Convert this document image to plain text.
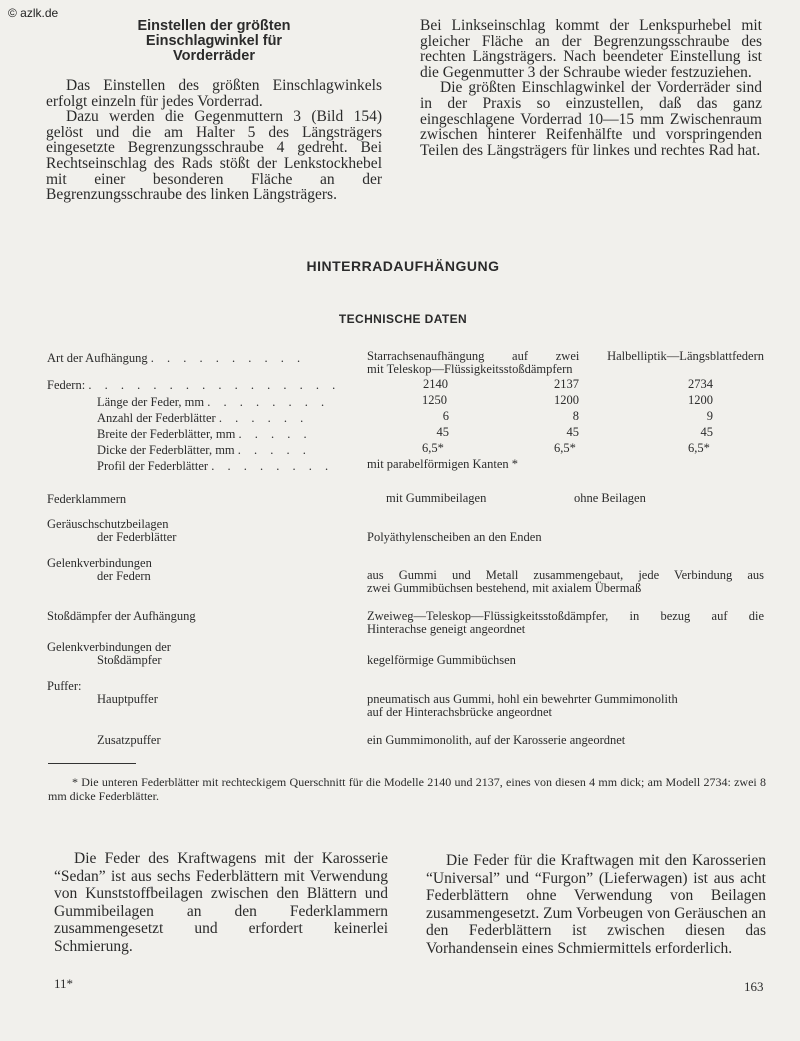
© azlk.de
Einstellen der größten Einschlagwinkel für Vorderräder

Das Einstellen des größten Einschlagwinkels erfolgt einzeln für jedes Vorderrad.

Dazu werden die Gegenmuttern 3 (Bild 154) gelöst und die am Halter 5 des Längsträgers eingesetzte Begrenzungsschraube 4 gedreht. Bei Rechtseinschlag des Rads stößt der Lenkstockhebel mit einer besonderen Fläche an der Begrenzungsschraube des linken Längsträgers.

Bei Linkseinschlag kommt der Lenkspurhebel mit gleicher Fläche an der Begrenzungsschraube des rechten Längsträgers. Nach beendeter Einstellung ist die Gegenmutter 3 der Schraube wieder festzuziehen.

Die größten Einschlagwinkel der Vorderräder sind in der Praxis so einzustellen, daß das ganz eingeschlagene Vorderrad 10—15 mm Zwischenraum zwischen hinterer Reifenhälfte und vorspringenden Teilen des Längsträgers für linkes und rechtes Rad hat.

HINTERRADAUFHÄNGUNG
TECHNISCHE DATEN
Art der Aufhängung . . . . . . . . . .	Starrachsenaufhängung auf zwei Halbelliptik—Längsblattfedern
mit Teleskop—Flüssigkeitsstoßdämpfern
Federn: . . . . . . . . . . . . . . . .	2140	2137	2734
Länge der Feder, mm . . . . . . . .	1250	1200	1200
Anzahl der Federblätter . . . . . .	6	8	9
Breite der Federblätter, mm . . . . .	45	45	45
Dicke der Federblätter, mm . . . . .	6,5*	6,5*	6,5*
Profil der Federblätter . . . . . . . .	mit parabelförmigen Kanten *
Federklammern	mit Gummibeilagen	ohne Beilagen
Geräuschschutzbeilagen
der Federblätter	Polyäthylenscheiben an den Enden
Gelenkverbindungen
der Federn	aus Gummi und Metall zusammengebaut, jede Verbindung aus
zwei Gummibüchsen bestehend, mit axialem Übermaß
Stoßdämpfer der Aufhängung	Zweiweg—Teleskop—Flüssigkeitsstoßdämpfer, in bezug auf die
Hinterachse geneigt angeordnet
Gelenkverbindungen der
Stoßdämpfer	kegelförmige Gummibüchsen
Puffer:
Hauptpuffer	pneumatisch aus Gummi, hohl ein bewehrter Gummimonolith
auf der Hinterachsbrücke angeordnet
Zusatzpuffer	ein Gummimonolith, auf der Karosserie angeordnet
* Die unteren Federblätter mit rechteckigem Querschnitt für die Modelle 2140 und 2137, eines von diesen 4 mm dick; am Modell 2734: zwei 8 mm dicke Federblätter.

Die Feder des Kraftwagens mit der Karosserie “Sedan” ist aus sechs Federblättern mit Verwendung von Kunststoffbeilagen zwischen den Blättern und Gummibeilagen an den Federklammern zusammengesetzt und erfordert keinerlei Schmierung.

Die Feder für die Kraftwagen mit den Karosserien “Universal” und “Furgon” (Lieferwagen) ist aus acht Federblättern ohne Verwendung von Beilagen zusammengesetzt. Zum Vorbeugen von Geräuschen an den Federblättern ist zwischen diesen das Vorhandensein eines Schmiermittels erforderlich.

11*	163
